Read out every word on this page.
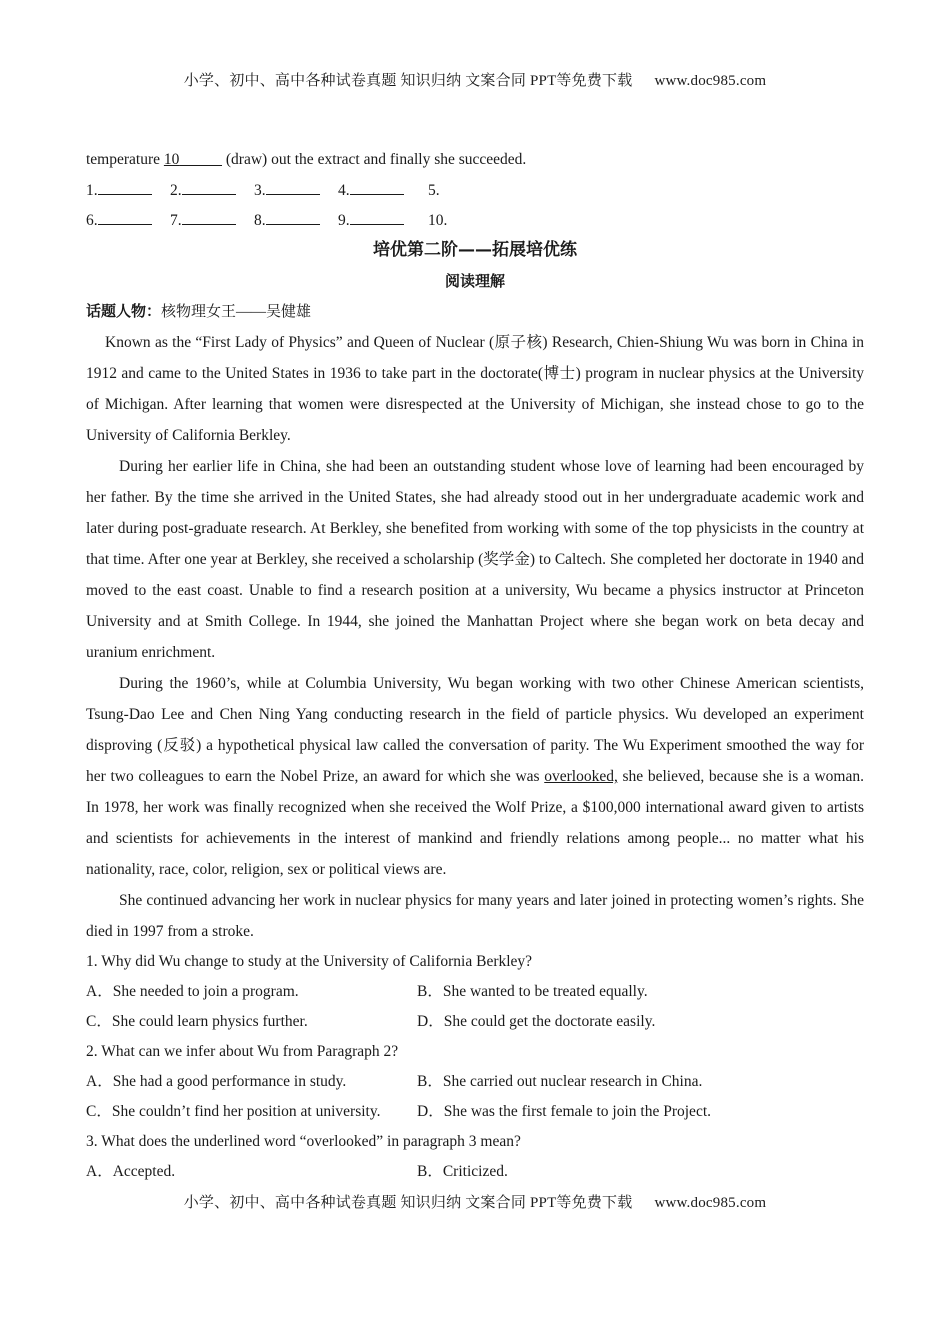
小学、初中、高中各种试卷真题 知识归纳 文案合同 PPT等免费下载 www.doc985.com
temperature 10	(draw) out the extract and finally she succeeded.
1.	2.	3.	4.	5.
6.	7.	8.	9.	10.
培优第二阶——拓展培优练
阅读理解
话题人物：核物理女王——吴健雄

Known as the “First Lady of Physics” and Queen of Nuclear (原子核) Research, Chien-Shiung Wu was born in China in 1912 and came to the United States in 1936 to take part in the doctorate(博士) program in nuclear physics at the University of Michigan. After learning that women were disrespected at the University of Michigan, she instead chose to go to the University of California Berkley.

During her earlier life in China, she had been an outstanding student whose love of learning had been encouraged by her father. By the time she arrived in the United States, she had already stood out in her undergraduate academic work and later during post-graduate research. At Berkley, she benefited from working with some of the top physicists in the country at that time. After one year at Berkley, she received a scholarship (奖学金) to Caltech. She completed her doctorate in 1940 and moved to the east coast. Unable to find a research position at a university, Wu became a physics instructor at Princeton University and at Smith College. In 1944, she joined the Manhattan Project where she began work on beta decay and uranium enrichment.

During the 1960’s, while at Columbia University, Wu began working with two other Chinese American scientists, Tsung-Dao Lee and Chen Ning Yang conducting research in the field of particle physics. Wu developed an experiment disproving (反驳) a hypothetical physical law called the conversation of parity. The Wu Experiment smoothed the way for her two colleagues to earn the Nobel Prize, an award for which she was overlooked, she believed, because she is a woman. In 1978, her work was finally recognized when she received the Wolf Prize, a $100,000 international award given to artists and scientists for achievements in the interest of mankind and friendly relations among people... no matter what his nationality, race, color, religion, sex or political views are.

She continued advancing her work in nuclear physics for many years and later joined in protecting women’s rights. She died in 1997 from a stroke.

1. Why did Wu change to study at the University of California Berkley?
A．She needed to join a program.	B．She wanted to be treated equally.
C．She could learn physics further.	D．She could get the doctorate easily.
2. What can we infer about Wu from Paragraph 2?
A．She had a good performance in study.	B．She carried out nuclear research in China.
C．She couldn’t find her position at university.	D．She was the first female to join the Project.
3. What does the underlined word “overlooked” in paragraph 3 mean?
A．Accepted.	B．Criticized.
小学、初中、高中各种试卷真题 知识归纳 文案合同 PPT等免费下载 www.doc985.com
